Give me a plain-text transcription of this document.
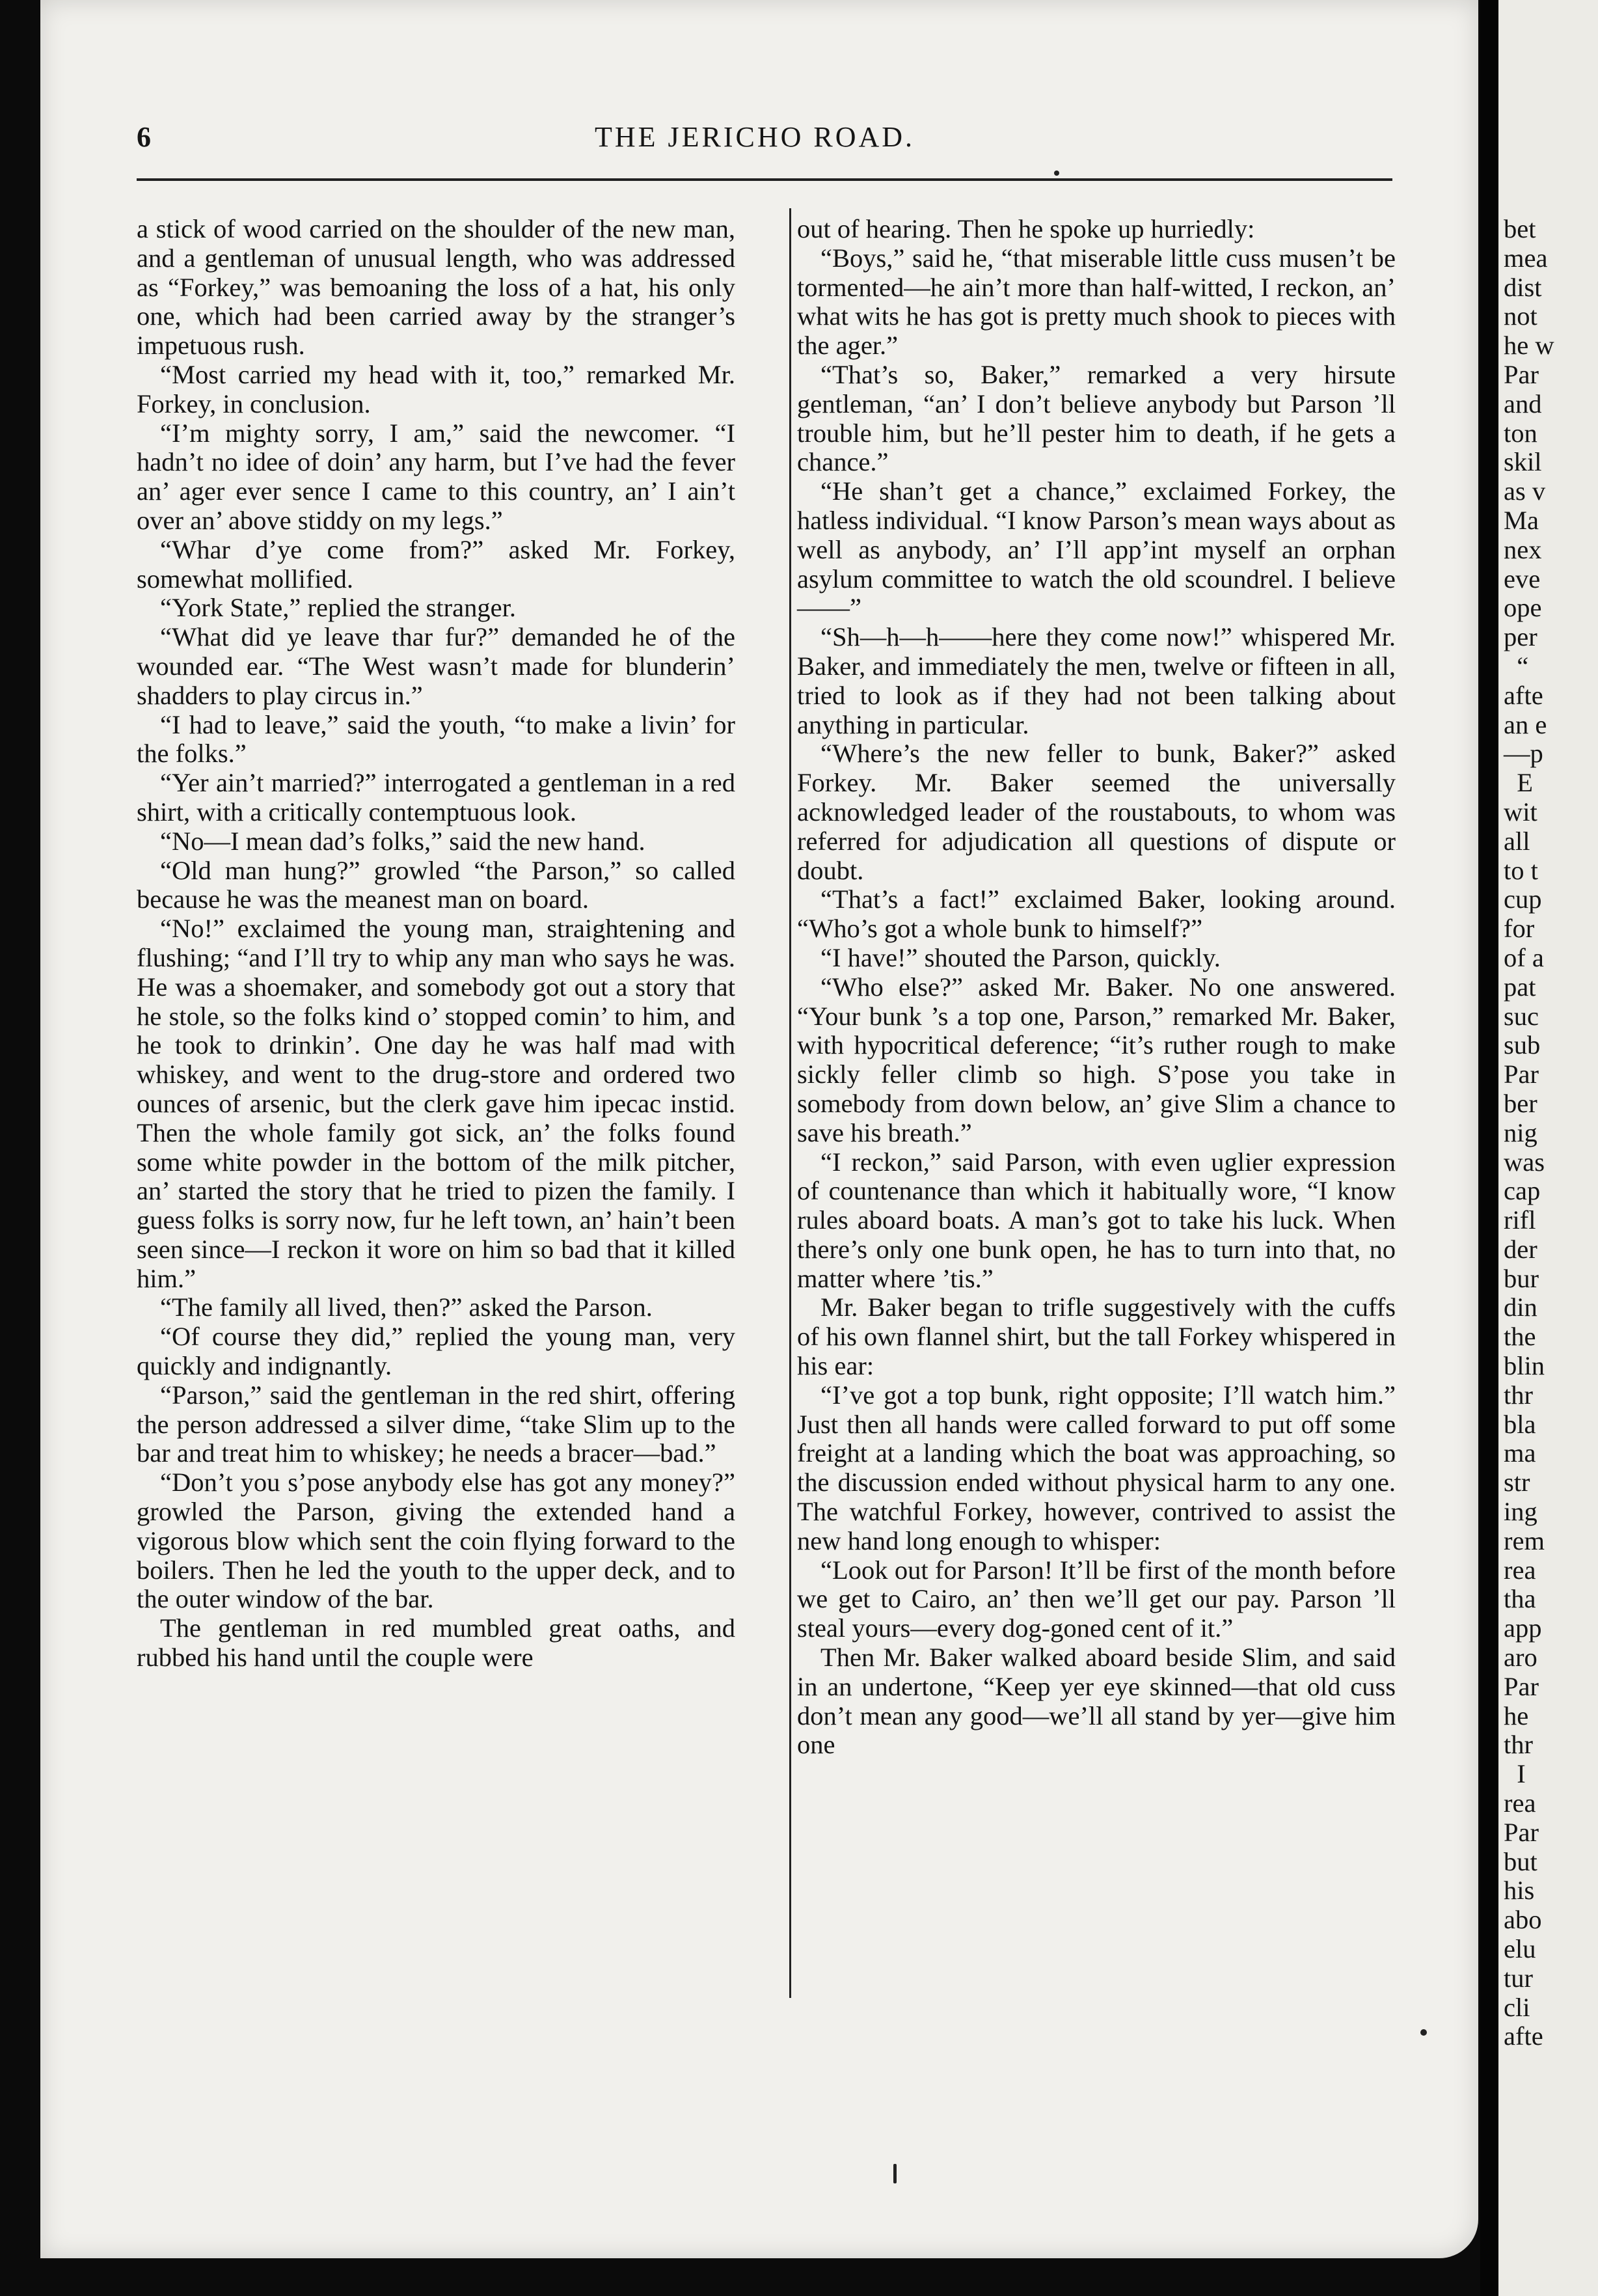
6	THE JERICHO ROAD.

a stick of wood carried on the shoulder of the new man, and a gentleman of unusual length, who was addressed as “Forkey,” was bemoaning the loss of a hat, his only one, which had been carried away by the stranger’s impetuous rush.

“Most carried my head with it, too,” remarked Mr. Forkey, in conclusion.

“I’m mighty sorry, I am,” said the newcomer. “I hadn’t no idee of doin’ any harm, but I’ve had the fever an’ ager ever sence I came to this country, an’ I ain’t over an’ above stiddy on my legs.”

“Whar d’ye come from?” asked Mr. Forkey, somewhat mollified.

“York State,” replied the stranger.

“What did ye leave thar fur?” demanded he of the wounded ear. “The West wasn’t made for blunderin’ shadders to play circus in.”

“I had to leave,” said the youth, “to make a livin’ for the folks.”

“Yer ain’t married?” interrogated a gentleman in a red shirt, with a critically contemptuous look.

“No—I mean dad’s folks,” said the new hand.

“Old man hung?” growled “the Parson,” so called because he was the meanest man on board.

“No!” exclaimed the young man, straightening and flushing; “and I’ll try to whip any man who says he was. He was a shoemaker, and somebody got out a story that he stole, so the folks kind o’ stopped comin’ to him, and he took to drinkin’. One day he was half mad with whiskey, and went to the drug-store and ordered two ounces of arsenic, but the clerk gave him ipecac instid. Then the whole family got sick, an’ the folks found some white powder in the bottom of the milk pitcher, an’ started the story that he tried to pizen the family. I guess folks is sorry now, fur he left town, an’ hain’t been seen since—I reckon it wore on him so bad that it killed him.”

“The family all lived, then?” asked the Parson.

“Of course they did,” replied the young man, very quickly and indignantly.

“Parson,” said the gentleman in the red shirt, offering the person addressed a silver dime, “take Slim up to the bar and treat him to whiskey; he needs a bracer—bad.”

“Don’t you s’pose anybody else has got any money?” growled the Parson, giving the extended hand a vigorous blow which sent the coin flying forward to the boilers. Then he led the youth to the upper deck, and to the outer window of the bar.

The gentleman in red mumbled great oaths, and rubbed his hand until the couple were

out of hearing. Then he spoke up hurriedly:

“Boys,” said he, “that miserable little cuss musen’t be tormented—he ain’t more than half-witted, I reckon, an’ what wits he has got is pretty much shook to pieces with the ager.”

“That’s so, Baker,” remarked a very hirsute gentleman, “an’ I don’t believe anybody but Parson ’ll trouble him, but he’ll pester him to death, if he gets a chance.”

“He shan’t get a chance,” exclaimed Forkey, the hatless individual. “I know Parson’s mean ways about as well as anybody, an’ I’ll app’int myself an orphan asylum committee to watch the old scoundrel. I believe——”

“Sh—h—h——here they come now!” whispered Mr. Baker, and immediately the men, twelve or fifteen in all, tried to look as if they had not been talking about anything in particular.

“Where’s the new feller to bunk, Baker?” asked Forkey. Mr. Baker seemed the universally acknowledged leader of the roustabouts, to whom was referred for adjudication all questions of dispute or doubt.

“That’s a fact!” exclaimed Baker, looking around. “Who’s got a whole bunk to himself?”

“I have!” shouted the Parson, quickly.

“Who else?” asked Mr. Baker. No one answered. “Your bunk ’s a top one, Parson,” remarked Mr. Baker, with hypocritical deference; “it’s ruther rough to make sickly feller climb so high. S’pose you take in somebody from down below, an’ give Slim a chance to save his breath.”

“I reckon,” said Parson, with even uglier expression of countenance than which it habitually wore, “I know rules aboard boats. A man’s got to take his luck. When there’s only one bunk open, he has to turn into that, no matter where ’tis.”

Mr. Baker began to trifle suggestively with the cuffs of his own flannel shirt, but the tall Forkey whispered in his ear:

“I’ve got a top bunk, right opposite; I’ll watch him.” Just then all hands were called forward to put off some freight at a landing which the boat was approaching, so the discussion ended without physical harm to any one. The watchful Forkey, however, contrived to assist the new hand long enough to whisper:

“Look out for Parson! It’ll be first of the month before we get to Cairo, an’ then we’ll get our pay. Parson ’ll steal yours—every dog-goned cent of it.”

Then Mr. Baker walked aboard beside Slim, and said in an undertone, “Keep yer eye skinned—that old cuss don’t mean any good—we’ll all stand by yer—give him one

bet
mea
dist
not
he w
Par
and
ton
skil
as v
Ma
nex
eve
ope
per
“
afte
an e
—p
E
wit
all
to t
cup
for
of a
pat
suc
sub
Par
ber
nig
was
cap
rifl
der
bur
din
the
blin
thr
bla
ma
str
ing
rem
rea
tha
app
aro
Par
he
thr
I
rea
Par
but
his
abo
elu
tur
cli
afte
